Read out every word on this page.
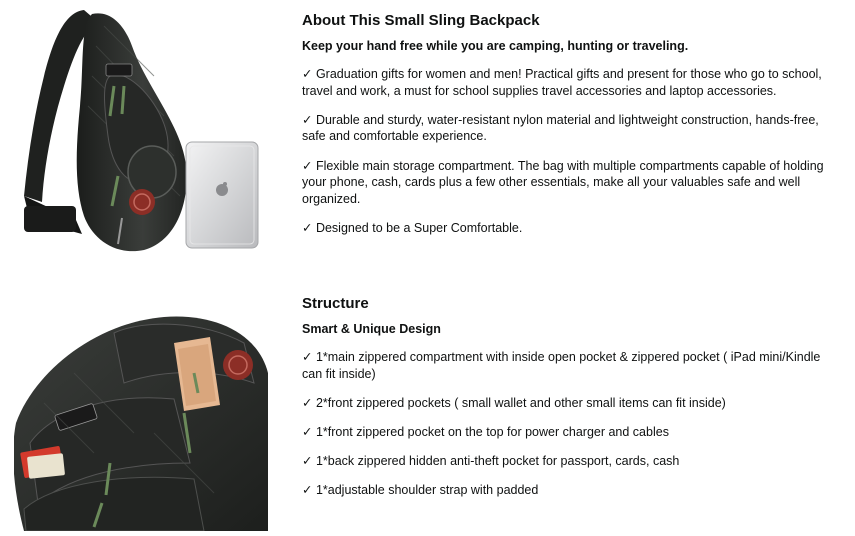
About This Small Sling Backpack
Keep your hand free while you are camping, hunting or traveling.
✓ Graduation gifts for women and men! Practical gifts and present for those who go to school, travel and work, a must for school supplies travel accessories and laptop accessories.
✓ Durable and sturdy, water-resistant nylon material and lightweight construction, hands-free, safe and comfortable experience.
✓ Flexible main storage compartment. The bag with multiple compartments capable of holding your phone, cash, cards plus a few other essentials, make all your valuables safe and well organized.
✓ Designed to be a Super Comfortable.
Structure
Smart & Unique Design
✓ 1*main zippered compartment with inside open pocket & zippered pocket ( iPad mini/Kindle can fit inside)
✓ 2*front zippered pockets ( small wallet and other small items can fit inside)
✓ 1*front zippered pocket on the top for power charger and cables
✓ 1*back zippered hidden anti-theft pocket for passport, cards, cash
✓ 1*adjustable shoulder strap with padded
